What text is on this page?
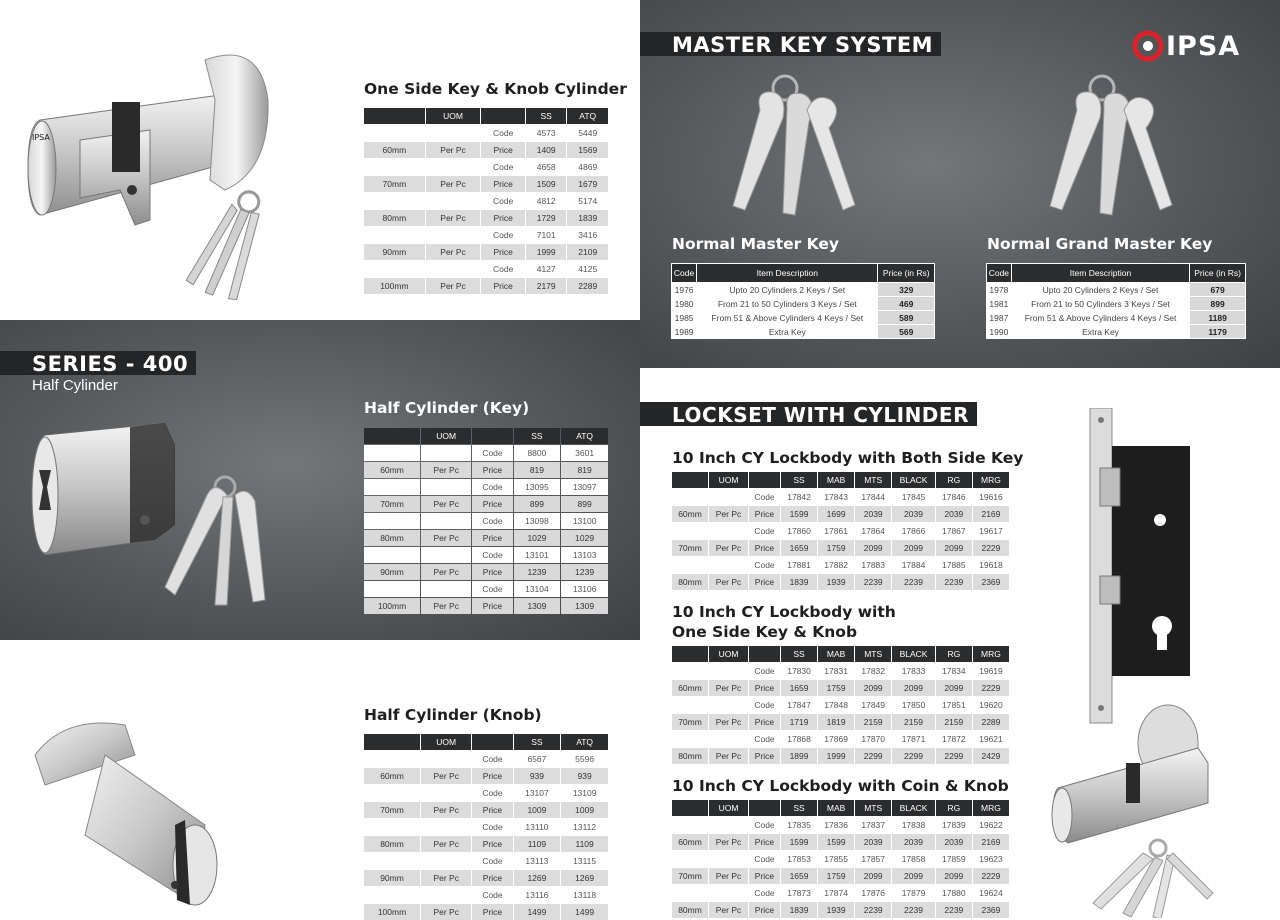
IPSA
One Side Key & Knob Cylinder
	UOM		SS	ATQ
		Code	4573	5449
60mm	Per Pc	Price	1409	1569
		Code	4658	4869
70mm	Per Pc	Price	1509	1679
		Code	4812	5174
80mm	Per Pc	Price	1729	1839
		Code	7101	3416
90mm	Per Pc	Price	1999	2109
		Code	4127	4125
100mm	Per Pc	Price	2179	2289
MASTER KEY SYSTEM	IPSA
Normal Master Key	Normal Grand Master Key
Code	Item Description	Price (in Rs)
1976	Upto 20 Cylinders 2 Keys / Set	329
1980	From 21 to 50 Cylinders 3 Keys / Set	469
1985	From 51 & Above Cylinders 4 Keys / Set	589
1989	Extra Key	569
Code	Item Description	Price (in Rs)
1978	Upto 20 Cylinders 2 Keys / Set	679
1981	From 21 to 50 Cylinders 3 Keys / Set	899
1987	From 51 & Above Cylinders 4 Keys / Set	1189
1990	Extra Key	1179
SERIES - 400
Half Cylinder
Half Cylinder (Key)
	UOM		SS	ATQ
		Code	8800	3601
60mm	Per Pc	Price	819	819
		Code	13095	13097
70mm	Per Pc	Price	899	899
		Code	13098	13100
80mm	Per Pc	Price	1029	1029
		Code	13101	13103
90mm	Per Pc	Price	1239	1239
		Code	13104	13106
100mm	Per Pc	Price	1309	1309
Half Cylinder (Knob)
	UOM		SS	ATQ
		Code	6567	5596
60mm	Per Pc	Price	939	939
		Code	13107	13109
70mm	Per Pc	Price	1009	1009
		Code	13110	13112
80mm	Per Pc	Price	1109	1109
		Code	13113	13115
90mm	Per Pc	Price	1269	1269
		Code	13116	13118
100mm	Per Pc	Price	1499	1499
LOCKSET WITH CYLINDER
10 Inch CY Lockbody with Both Side Key
	UOM		SS	MAB	MTS	BLACK	RG	MRG
		Code	17842	17843	17844	17845	17846	19616
60mm	Per Pc	Price	1599	1699	2039	2039	2039	2169
		Code	17860	17861	17864	17866	17867	19617
70mm	Per Pc	Price	1659	1759	2099	2099	2099	2229
		Code	17881	17882	17883	17884	17885	19618
80mm	Per Pc	Price	1839	1939	2239	2239	2239	2369
10 Inch CY Lockbody with
One Side Key & Knob
	UOM		SS	MAB	MTS	BLACK	RG	MRG
		Code	17830	17831	17832	17833	17834	19619
60mm	Per Pc	Price	1659	1759	2099	2099	2099	2229
		Code	17847	17848	17849	17850	17851	19620
70mm	Per Pc	Price	1719	1819	2159	2159	2159	2289
		Code	17868	17869	17870	17871	17872	19621
80mm	Per Pc	Price	1899	1999	2299	2299	2299	2429
10 Inch CY Lockbody with Coin & Knob
	UOM		SS	MAB	MTS	BLACK	RG	MRG
		Code	17835	17836	17837	17838	17839	19622
60mm	Per Pc	Price	1599	1599	2039	2039	2039	2169
		Code	17853	17855	17857	17858	17859	19623
70mm	Per Pc	Price	1659	1759	2099	2099	2099	2229
		Code	17873	17874	17876	17879	17880	19624
80mm	Per Pc	Price	1839	1939	2239	2239	2239	2369
